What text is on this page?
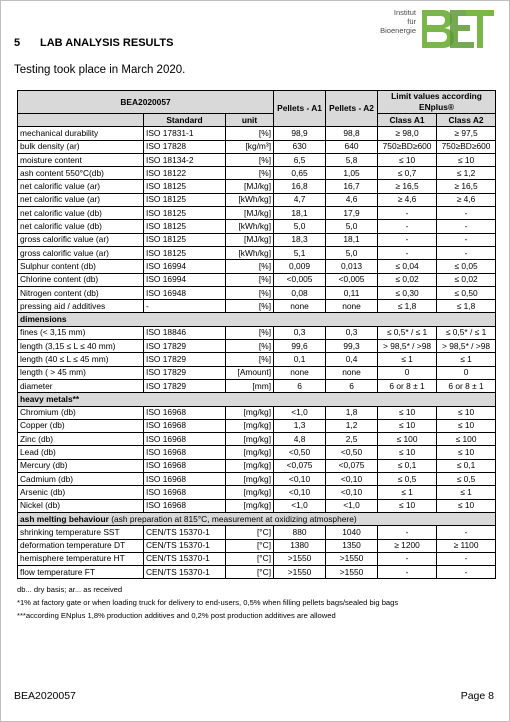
Institut
für
Bioenergie
5 LAB ANALYSIS RESULTS
Testing took place in March 2020.
BEA2020057			Pellets - A1	Pellets - A2	Limit values according ENplus®	
	Standard	unit			Class A1	Class A2
mechanical durability	ISO 17831-1	[%]	98,9	98,8	≥ 98,0	≥ 97,5
bulk density (ar)	ISO 17828	[kg/m³]	630	640	750≥BD≥600	750≥BD≥600
moisture content	ISO 18134-2	[%]	6,5	5,8	≤ 10	≤ 10
ash content 550°C(db)	ISO 18122	[%]	0,65	1,05	≤ 0,7	≤ 1,2
net calorific value (ar)	ISO 18125	[MJ/kg]	16,8	16,7	≥ 16,5	≥ 16,5
net calorific value (ar)	ISO 18125	[kWh/kg]	4,7	4,6	≥ 4,6	≥ 4,6
net calorific value (db)	ISO 18125	[MJ/kg]	18,1	17,9	-	-
net calorific value (db)	ISO 18125	[kWh/kg]	5,0	5,0	-	-
gross calorific value (ar)	ISO 18125	[MJ/kg]	18,3	18,1	-	-
gross calorific value (ar)	ISO 18125	[kWh/kg]	5,1	5,0	-	-
Sulphur content (db)	ISO 16994	[%]	0,009	0,013	≤ 0,04	≤ 0,05
Chlorine content (db)	ISO 16994	[%]	<0,005	<0,005	≤ 0,02	≤ 0,02
Nitrogen content (db)	ISO 16948	[%]	0,08	0,11	≤ 0,30	≤ 0,50
pressing aid / additives	-	[%]	none	none	≤ 1,8	≤ 1,8
dimensions						
fines (< 3,15 mm)	ISO 18846	[%]	0,3	0,3	≤ 0,5* / ≤ 1	≤ 0,5* / ≤ 1
length (3,15 ≤ L ≤ 40 mm)	ISO 17829	[%]	99,6	99,3	> 98,5* / >98	> 98,5* / >98
length (40 ≤ L ≤ 45 mm)	ISO 17829	[%]	0,1	0,4	≤ 1	≤ 1
length ( > 45 mm)	ISO 17829	[Amount]	none	none	0	0
diameter	ISO 17829	[mm]	6	6	6 or 8 ± 1	6 or 8 ± 1
heavy metals**						
Chromium (db)	ISO 16968	[mg/kg]	<1,0	1,8	≤ 10	≤ 10
Copper (db)	ISO 16968	[mg/kg]	1,3	1,2	≤ 10	≤ 10
Zinc (db)	ISO 16968	[mg/kg]	4,8	2,5	≤ 100	≤ 100
Lead (db)	ISO 16968	[mg/kg]	<0,50	<0,50	≤ 10	≤ 10
Mercury (db)	ISO 16968	[mg/kg]	<0,075	<0,075	≤ 0,1	≤ 0,1
Cadmium (db)	ISO 16968	[mg/kg]	<0,10	<0,10	≤ 0,5	≤ 0,5
Arsenic (db)	ISO 16968	[mg/kg]	<0,10	<0,10	≤ 1	≤ 1
Nickel (db)	ISO 16968	[mg/kg]	<1,0	<1,0	≤ 10	≤ 10
ash melting behaviour (ash preparation at 815°C, measurement at oxidizing atmosphere)						
shrinking temperature SST	CEN/TS 15370-1	[°C]	880	1040	-	-
deformation temperature DT	CEN/TS 15370-1	[°C]	1380	1350	≥ 1200	≥ 1100
hemisphere temperature HT	CEN/TS 15370-1	[°C]	>1550	>1550	-	-
flow temperature FT	CEN/TS 15370-1	[°C]	>1550	>1550	-	-
db... dry basis; ar... as received
*1% at factory gate or when loading truck for delivery to end-users, 0,5% when filling pellets bags/sealed big bags
***according ENplus 1,8% production additives and 0,2% post production additives are allowed
BEA2020057	Page 8
